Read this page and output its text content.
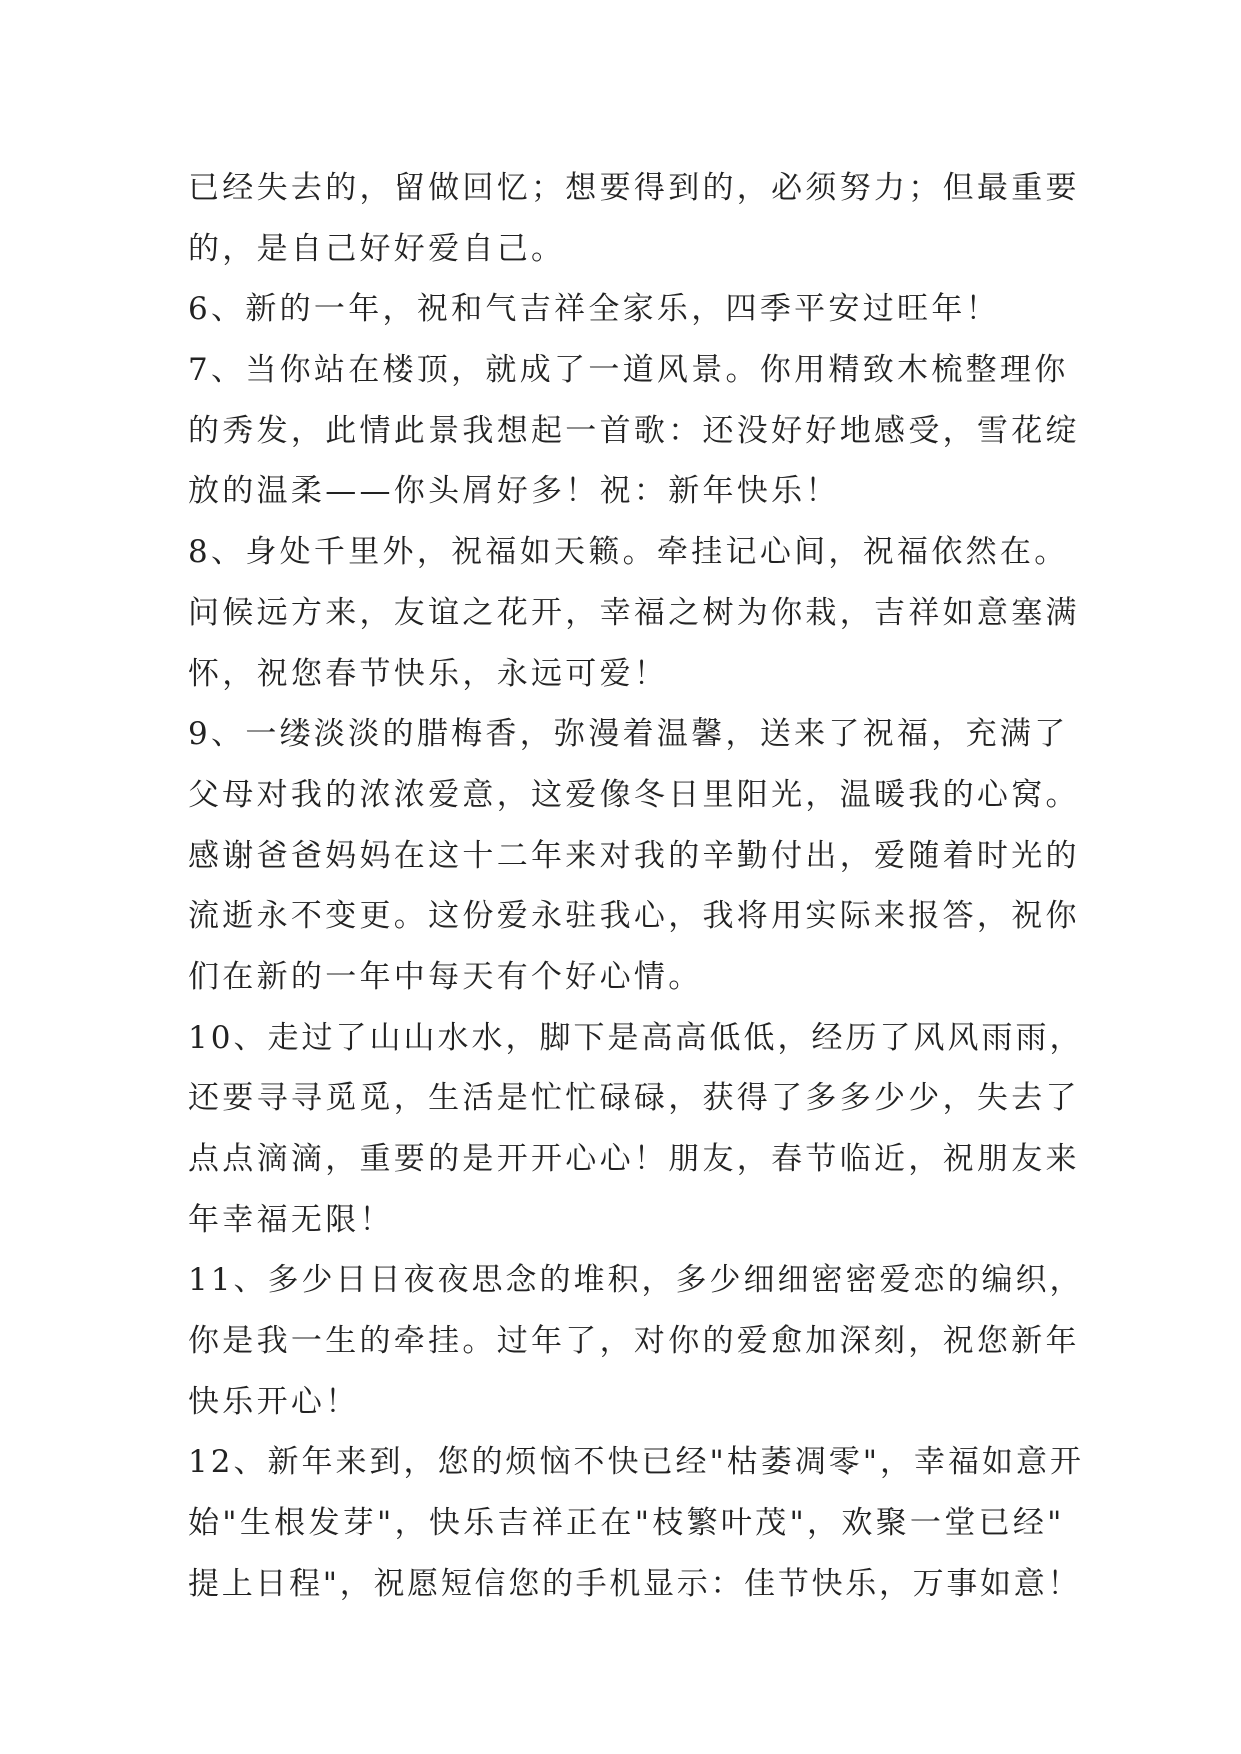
已经失去的，留做回忆；想要得到的，必须努力；但最重要
的，是自己好好爱自己。
6、新的一年，祝和气吉祥全家乐，四季平安过旺年！
7、当你站在楼顶，就成了一道风景。你用精致木梳整理你
的秀发，此情此景我想起一首歌：还没好好地感受，雪花绽
放的温柔——你头屑好多！祝：新年快乐！
8、身处千里外，祝福如天籁。牵挂记心间，祝福依然在。
问候远方来，友谊之花开，幸福之树为你栽，吉祥如意塞满
怀，祝您春节快乐，永远可爱！
9、一缕淡淡的腊梅香，弥漫着温馨，送来了祝福，充满了
父母对我的浓浓爱意，这爱像冬日里阳光，温暖我的心窝。
感谢爸爸妈妈在这十二年来对我的辛勤付出，爱随着时光的
流逝永不变更。这份爱永驻我心，我将用实际来报答，祝你
们在新的一年中每天有个好心情。
10、走过了山山水水，脚下是高高低低，经历了风风雨雨，
还要寻寻觅觅，生活是忙忙碌碌，获得了多多少少，失去了
点点滴滴，重要的是开开心心！朋友，春节临近，祝朋友来
年幸福无限！
11、多少日日夜夜思念的堆积，多少细细密密爱恋的编织，
你是我一生的牵挂。过年了，对你的爱愈加深刻，祝您新年
快乐开心！
12、新年来到，您的烦恼不快已经"枯萎凋零"，幸福如意开
始"生根发芽"，快乐吉祥正在"枝繁叶茂"，欢聚一堂已经"
提上日程"，祝愿短信您的手机显示：佳节快乐，万事如意！
